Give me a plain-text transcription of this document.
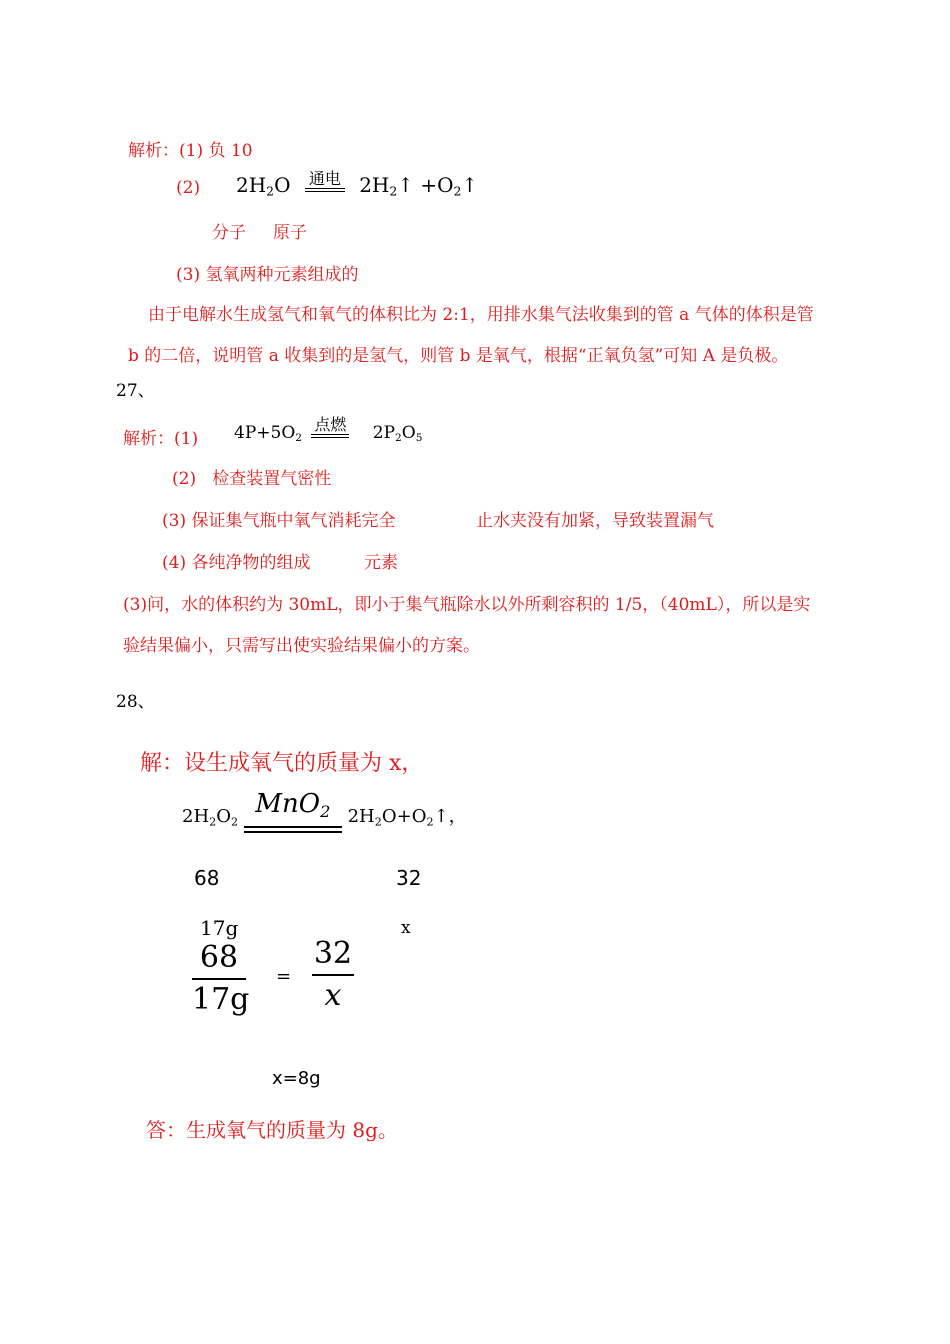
解析：(1) 负 10
(2) $2H_2O$ 通电 $2H_2↑$ $+O_2↑$
分子     原子
(3) 氢氧两种元素组成的
由于电解水生成氢气和氧气的体积比为 2:1，用排水集气法收集到的管 a 气体的体积是管
b 的二倍，说明管 a 收集到的是氢气，则管 b 是氧气，根据“正氧负氢”可知 A 是负极。
27、
解析：(1) $4P+5O_2$
点燃 $2P_2O_5$
(2)   检查装置气密性
(3) 保证集气瓶中氧气消耗完全	止水夹没有加紧，导致装置漏气
(4) 各纯净物的组成	元素
(3)问，水的体积约为 30mL，即小于集气瓶除水以外所剩容积的 1/5，（40mL），所以是实
验结果偏小，只需写出使实验结果偏小的方案。
28、
解：设生成氧气的质量为 x，
$2H_2O_2$
MnO$_2$ $2H_2O+O_2↑$，
68	32
17g	x
68
17g
=
32
x
x=8g
答：生成氧气的质量为 8g。
